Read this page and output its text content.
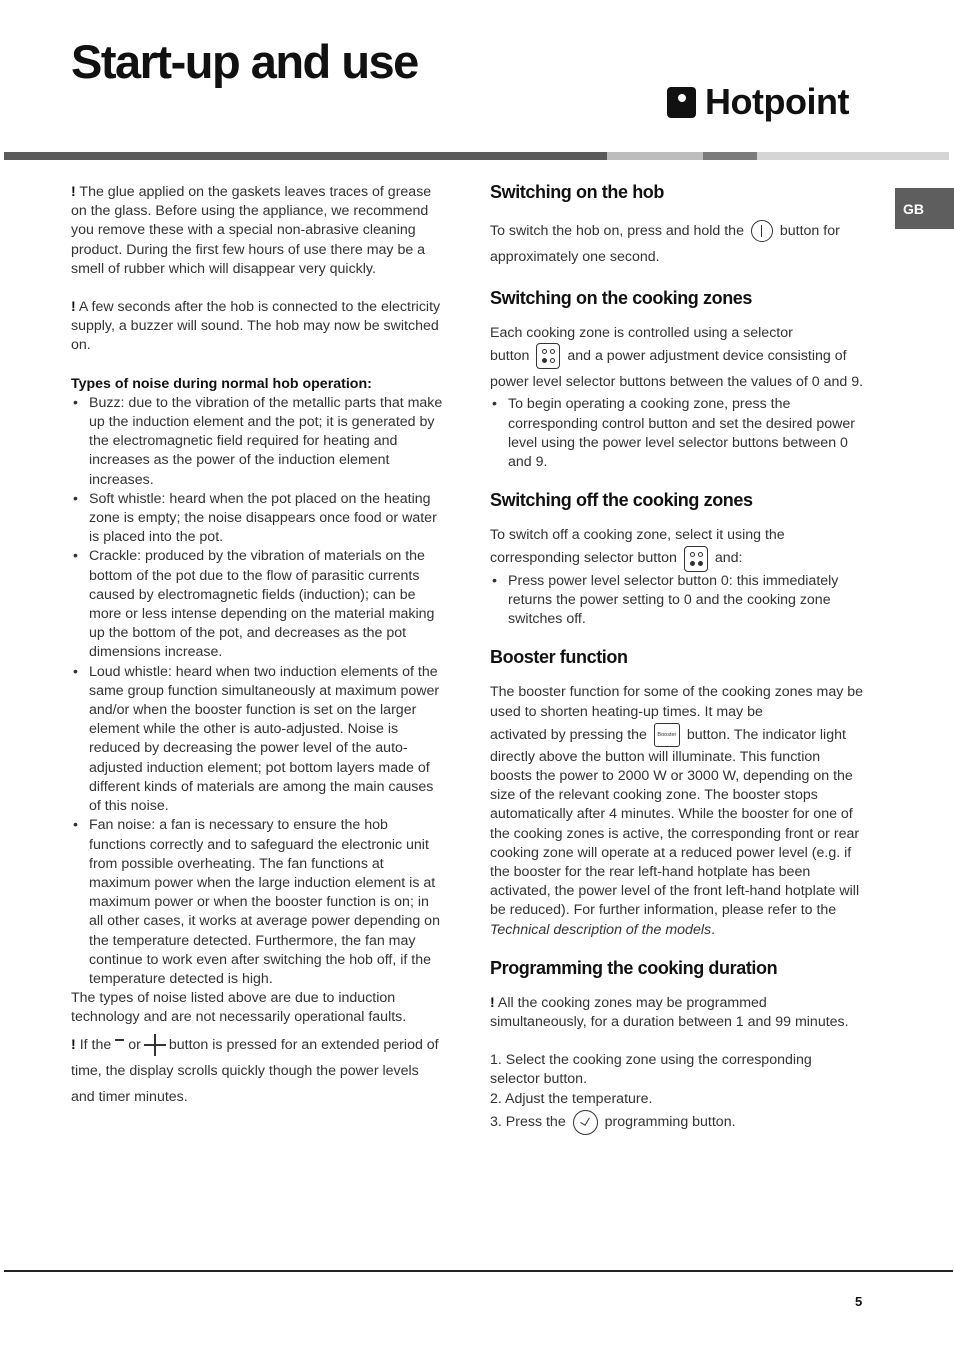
Start-up and use
Hotpoint
GB

! The glue applied on the gaskets leaves traces of grease on the glass. Before using the appliance, we recommend you remove these with a special non-abrasive cleaning product. During the first few hours of use there may be a smell of rubber which will disappear very quickly.

! A few seconds after the hob is connected to the electricity supply, a buzzer will sound. The hob may now be switched on.

Types of noise during normal hob operation:

• Buzz: due to the vibration of the metallic parts that make up the induction element and the pot; it is generated by the electromagnetic field required for heating and increases as the power of the induction element increases.
• Soft whistle: heard when the pot placed on the heating zone is empty; the noise disappears once food or water is placed into the pot.
• Crackle: produced by the vibration of materials on the bottom of the pot due to the flow of parasitic currents caused by electromagnetic fields (induction); can be more or less intense depending on the material making up the bottom of the pot, and decreases as the pot dimensions increase.
• Loud whistle: heard when two induction elements of the same group function simultaneously at maximum power and/or when the booster function is set on the larger element while the other is auto-adjusted. Noise is reduced by decreasing the power level of the auto-adjusted induction element; pot bottom layers made of different kinds of materials are among the main causes of this noise.
• Fan noise: a fan is necessary to ensure the hob functions correctly and to safeguard the electronic unit from possible overheating. The fan functions at maximum power when the large induction element is at maximum power or when the booster function is on; in all other cases, it works at average power depending on the temperature detected. Furthermore, the fan may continue to work even after switching the hob off, if the temperature detected is high.

The types of noise listed above are due to induction technology and are not necessarily operational faults.

! If the or button is pressed for an extended period of time, the display scrolls quickly though the power levels and timer minutes.

Switching on the hob

To switch the hob on, press and hold the	button for approximately one second.

Switching on the cooking zones

Each cooking zone is controlled using a selector

button	and a power adjustment device consisting of power level selector buttons between the values of 0 and 9.

• To begin operating a cooking zone, press the corresponding control button and set the desired power level using the power level selector buttons between 0 and 9.
Switching off the cooking zones

To switch off a cooking zone, select it using the

corresponding selector button	and:

• Press power level selector button 0: this immediately returns the power setting to 0 and the cooking zone switches off.
Booster function

The booster function for some of the cooking zones may be used to shorten heating-up times. It may be

activated by pressing the Booster button. The indicator light directly above the button will illuminate. This function boosts the power to 2000 W or 3000 W, depending on the size of the relevant cooking zone. The booster stops automatically after 4 minutes. While the booster for one of the cooking zones is active, the corresponding front or rear cooking zone will operate at a reduced power level (e.g. if the booster for the rear left-hand hotplate has been activated, the power level of the front left-hand hotplate will be reduced). For further information, please refer to the Technical description of the models.

Programming the cooking duration

! All the cooking zones may be programmed simultaneously, for a duration between 1 and 99 minutes.

1. Select the cooking zone using the corresponding selector button.

2. Adjust the temperature.

3. Press the	programming button.

5
